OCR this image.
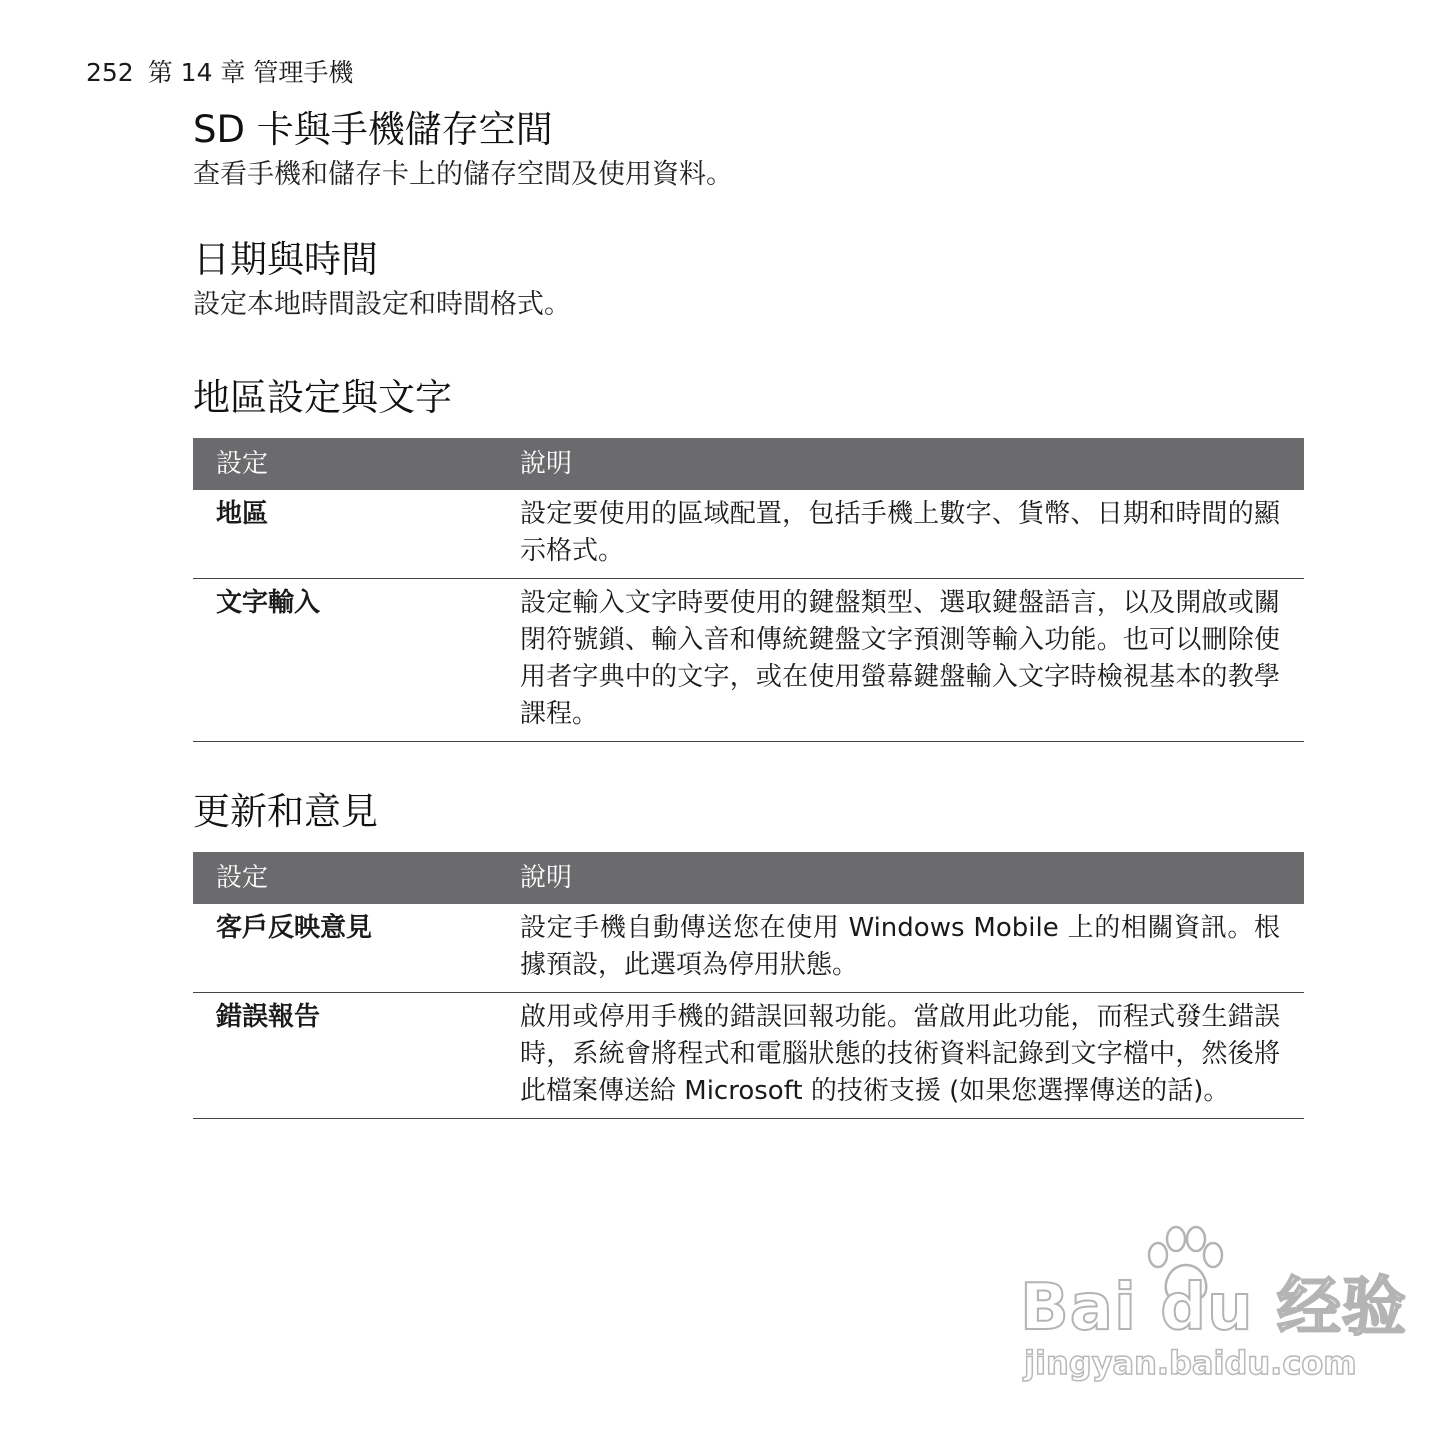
252 第 14 章 管理手機
SD 卡與手機儲存空間

查看手機和儲存卡上的儲存空間及使用資料。

日期與時間

設定本地時間設定和時間格式。

地區設定與文字
設定	說明
地區	設定要使用的區域配置，包括手機上數字、貨幣、日期和時間的顯示格式。
文字輸入	設定輸入文字時要使用的鍵盤類型、選取鍵盤語言，以及開啟或關閉符號鎖、輸入音和傳統鍵盤文字預測等輸入功能。也可以刪除使用者字典中的文字，或在使用螢幕鍵盤輸入文字時檢視基本的教學課程。
更新和意見
設定	說明
客戶反映意見	設定手機自動傳送您在使用 Windows Mobile 上的相關資訊。根據預設，此選項為停用狀態。
錯誤報告	啟用或停用手機的錯誤回報功能。當啟用此功能，而程式發生錯誤時，系統會將程式和電腦狀態的技術資料記錄到文字檔中，然後將此檔案傳送給 Microsoft 的技術支援 (如果您選擇傳送的話)。
Bai du 经验
jingyan.baidu.com
